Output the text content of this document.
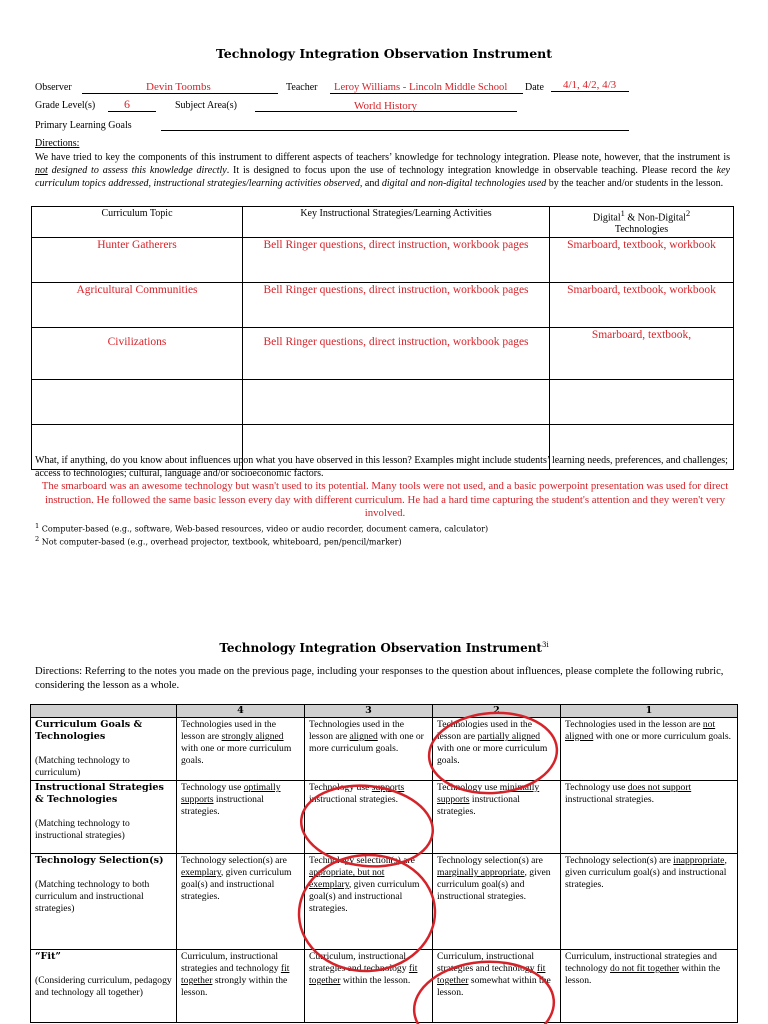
Technology Integration Observation Instrument
Observer	Devin Toombs	Teacher Leroy Williams - Lincoln Middle School Date 4/1, 4/2, 4/3
Grade Level(s) 6	Subject Area(s)	World History
Primary Learning Goals
Directions:
We have tried to key the components of this instrument to different aspects of teachers’ knowledge for technology integration. Please note, however, that the instrument is not designed to assess this knowledge directly. It is designed to focus upon the use of technology integration knowledge in observable teaching. Please record the key curriculum topics addressed, instructional strategies/learning activities observed, and digital and non-digital technologies used by the teacher and/or students in the lesson.
Curriculum Topic	Key Instructional Strategies/Learning Activities	Digital$^1$ & Non-Digital$^2$
Technologies
Hunter Gatherers	Bell Ringer questions, direct instruction, workbook pages	Smarboard, textbook, workbook
Agricultural Communities	Bell Ringer questions, direct instruction, workbook pages	Smarboard, textbook, workbook
Civilizations	Bell Ringer questions, direct instruction, workbook pages	Smarboard, textbook,

What, if anything, do you know about influences upon what you have observed in this lesson? Examples might include students’ learning needs, preferences, and challenges; access to technologies; cultural, language and/or socioeconomic factors.
The smarboard was an awesome technology but wasn't used to its potential. Many tools were not used, and a basic powerpoint presentation was used for direct instruction. He followed the same basic lesson every day with different curriculum. He had a hard time capturing the student's attention and they weren't very involved.
$^1$ Computer-based (e.g., software, Web-based resources, video or audio recorder, document camera, calculator)
$^2$ Not computer-based (e.g., overhead projector, textbook, whiteboard, pen/pencil/marker)
Technology Integration Observation Instrument$^{3i}$
Directions: Referring to the notes you made on the previous page, including your responses to the question about influences, please complete the following rubric, considering the lesson as a whole.
	4	3	2	1

Curriculum Goals & Technologies
(Matching technology to curriculum)	Technologies used in the lesson are strongly aligned with one or more curriculum goals.	Technologies used in the lesson are aligned with one or more curriculum goals.	Technologies used in the lesson are partially aligned with one or more curriculum goals.	Technologies used in the lesson are not aligned with one or more curriculum goals.

Instructional Strategies & Technologies
(Matching technology to instructional strategies)	Technology use optimally supports instructional strategies.	Technology use supports instructional strategies.	Technology use minimally supports instructional strategies.	Technology use does not support instructional strategies.

Technology Selection(s)
(Matching technology to both curriculum and instructional strategies)	Technology selection(s) are exemplary, given curriculum goal(s) and instructional strategies.	Technology selection(s) are appropriate, but not exemplary, given curriculum goal(s) and instructional strategies.	Technology selection(s) are marginally appropriate, given curriculum goal(s) and instructional strategies.	Technology selection(s) are inappropriate, given curriculum goal(s) and instructional strategies.

“Fit”
(Considering curriculum, pedagogy and technology all together)	Curriculum, instructional strategies and technology fit together strongly within the lesson.	Curriculum, instructional strategies and technology fit together within the lesson.	Curriculum, instructional strategies and technology fit together somewhat within the lesson.	Curriculum, instructional strategies and technology do not fit together within the lesson.
